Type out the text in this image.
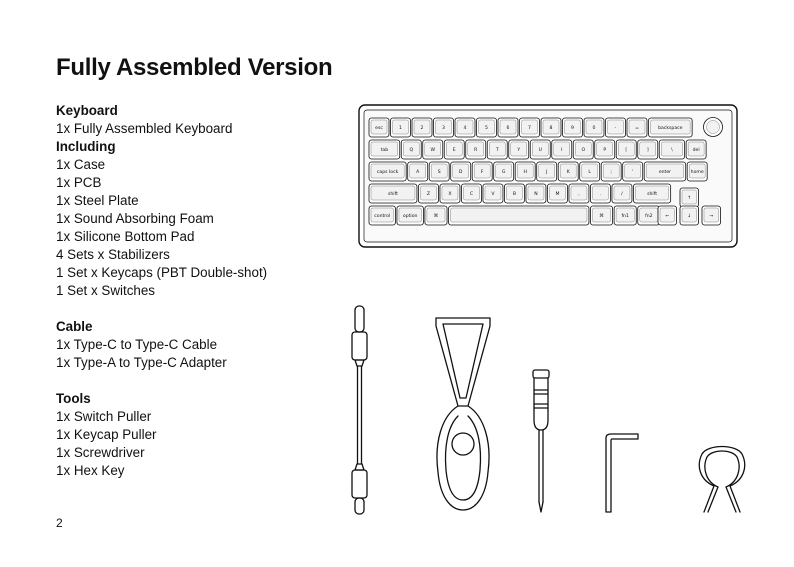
Fully Assembled Version
Keyboard
1x Fully Assembled Keyboard
Including
1x Case
1x PCB
1x Steel Plate
1x Sound Absorbing Foam
1x Silicone Bottom Pad
4 Sets x Stabilizers
1 Set x Keycaps (PBT Double-shot)
1 Set x Switches
Cable
1x Type-C to Type-C Cable
1x Type-A to Type-C Adapter
Tools
1x Switch Puller
1x Keycap Puller
1x Screwdriver
1x Hex Key
2
esc	1	2	3	4	5	6	7	8	9	0	-	=	backspace
tab	Q	W	E	R	T	Y	U	I	O	P	[	]	\	del
caps lock	A	S	D	F	G	H	J	K	L	;	'	enter	home
shift	Z	X	C	V	B	N	M	,	.	/	shift
control	option	⌘	⌘	fn1	fn2
↑
←	↓	→
